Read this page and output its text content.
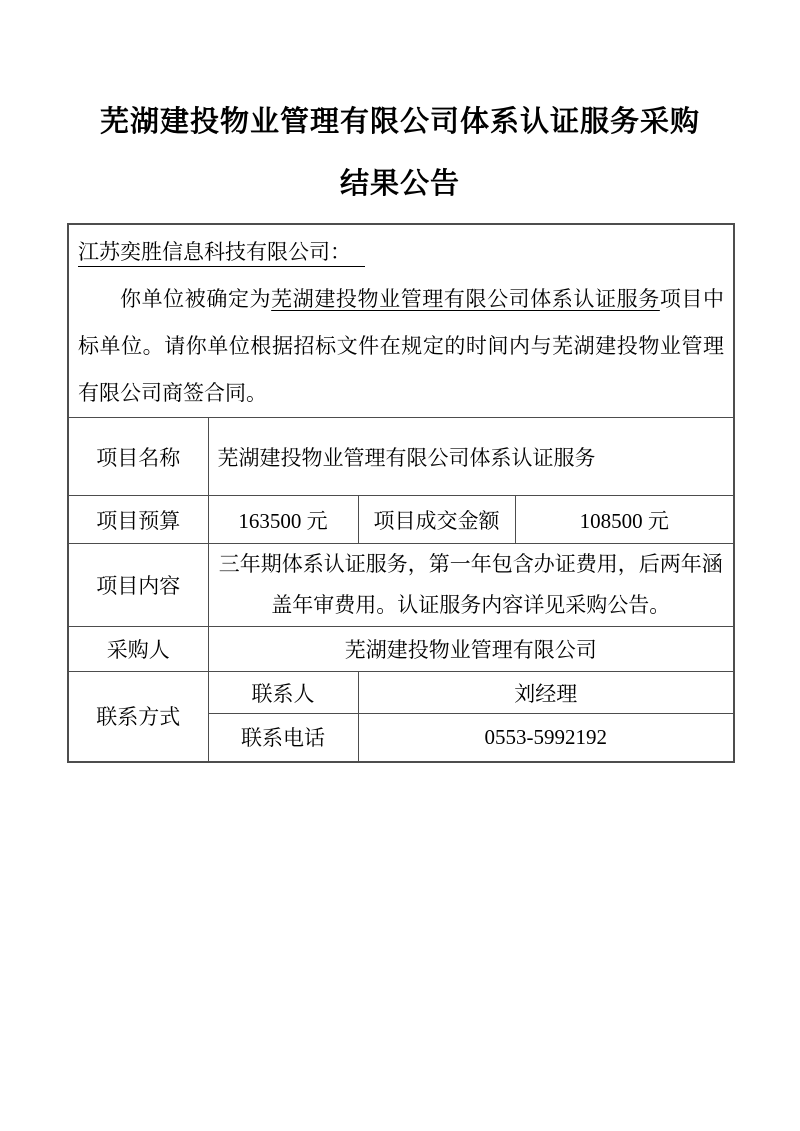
芜湖建投物业管理有限公司体系认证服务采购
结果公告
江苏奕胜信息科技有限公司：

你单位被确定为芜湖建投物业管理有限公司体系认证服务项目中标单位。请你单位根据招标文件在规定的时间内与芜湖建投物业管理有限公司商签合同。			

项目名称	芜湖建投物业管理有限公司体系认证服务		
项目预算	163500 元	项目成交金额	108500 元
项目内容	三年期体系认证服务，第一年包含办证费用，后两年涵盖年审费用。认证服务内容详见采购公告。		
采购人	芜湖建投物业管理有限公司		
联系方式	联系人	刘经理	
	联系电话	0553-5992192	
